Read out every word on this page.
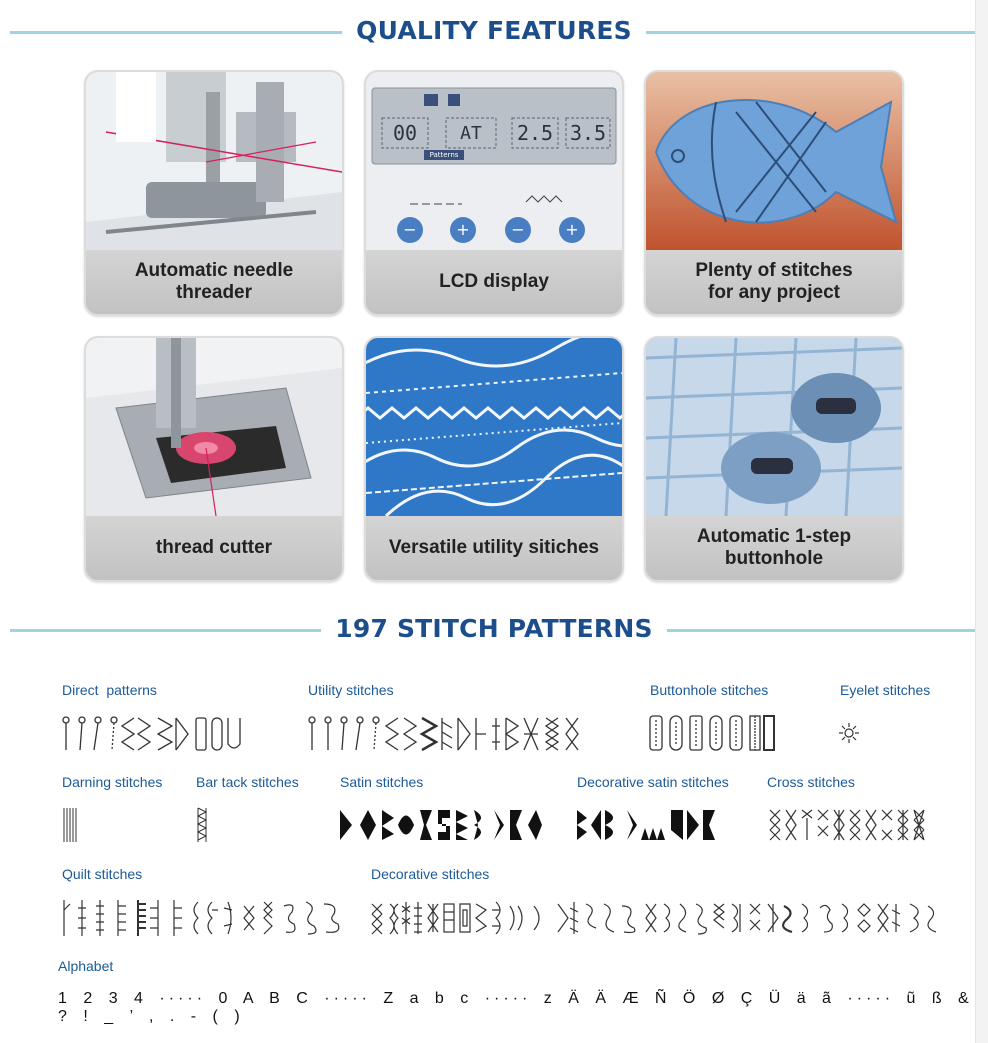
QUALITY FEATURES
Automatic needle
threader
− +	−	+
00	AT	2.5 3.5
Patterns
LCD display
Plenty of stitches
for any project
thread cutter	Versatile utility sitiches
Automatic 1-step
buttonhole
197 STITCH PATTERNS
Direct  patterns	Utility stitches	Buttonhole stitches	Eyelet stitches
Darning stitches Bar tack stitches	Satin stitches	Decorative satin stitches	Cross stitches
Quilt stitches	Decorative stitches
Alphabet
1 2 3 4 ····· 0 A B C ····· Z a b c ····· z Ä Ä Æ Ñ Ö Ø Ç Ü ä ã ····· ũ ß & ? ! _ ’ , . - ( )
